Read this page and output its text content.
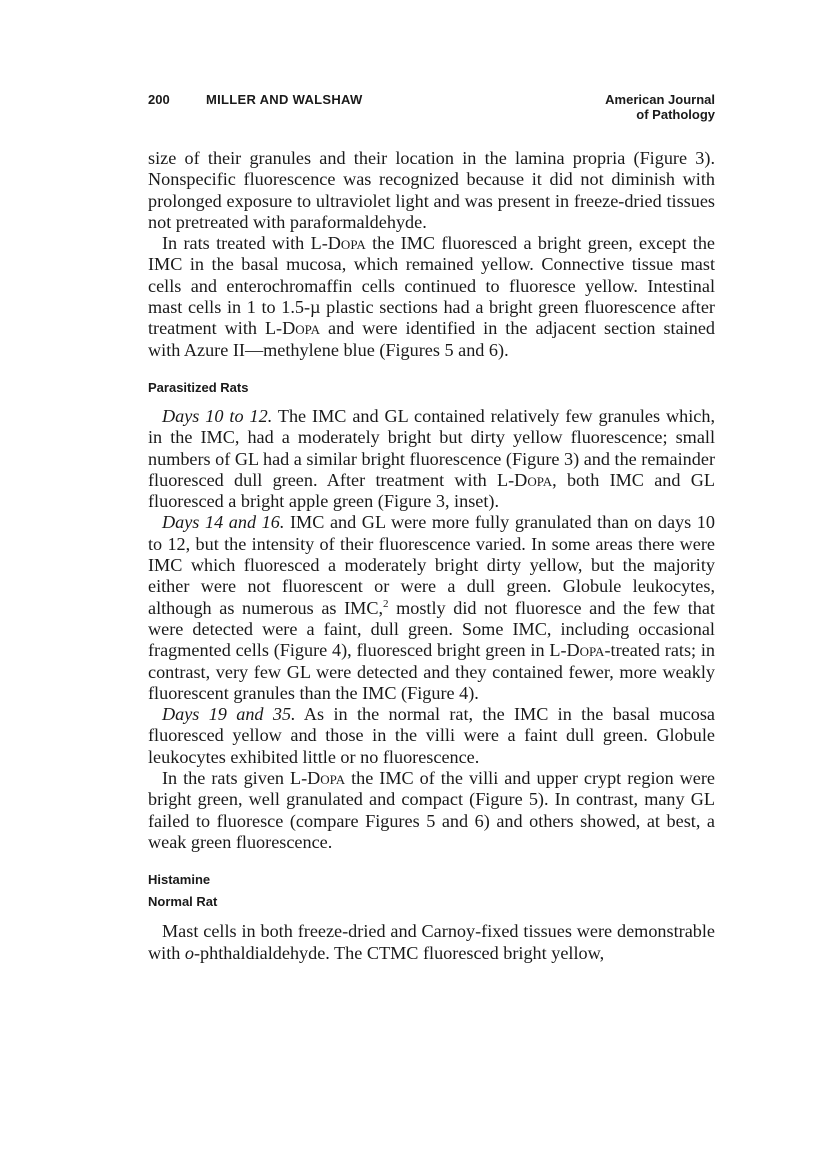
200	MILLER AND WALSHAW	American Journal
of Pathology

size of their granules and their location in the lamina propria (Figure 3). Nonspecific fluorescence was recognized because it did not diminish with prolonged exposure to ultraviolet light and was present in freeze-dried tissues not pretreated with paraformaldehyde.

In rats treated with L-Dopa the IMC fluoresced a bright green, except the IMC in the basal mucosa, which remained yellow. Connective tissue mast cells and enterochromaffin cells continued to fluoresce yellow. Intestinal mast cells in 1 to 1.5-µ plastic sections had a bright green fluorescence after treatment with L-Dopa and were identified in the adjacent section stained with Azure II—methylene blue (Figures 5 and 6).

Parasitized Rats

Days 10 to 12. The IMC and GL contained relatively few granules which, in the IMC, had a moderately bright but dirty yellow fluorescence; small numbers of GL had a similar bright fluorescence (Figure 3) and the remainder fluoresced dull green. After treatment with L-Dopa, both IMC and GL fluoresced a bright apple green (Figure 3, inset).

Days 14 and 16. IMC and GL were more fully granulated than on days 10 to 12, but the intensity of their fluorescence varied. In some areas there were IMC which fluoresced a moderately bright dirty yellow, but the majority either were not fluorescent or were a dull green. Globule leukocytes, although as numerous as IMC,$^2$ mostly did not fluoresce and the few that were detected were a faint, dull green. Some IMC, including occasional fragmented cells (Figure 4), fluoresced bright green in L-Dopa-treated rats; in contrast, very few GL were detected and they contained fewer, more weakly fluorescent granules than the IMC (Figure 4).

Days 19 and 35. As in the normal rat, the IMC in the basal mucosa fluoresced yellow and those in the villi were a faint dull green. Globule leukocytes exhibited little or no fluorescence.

In the rats given L-Dopa the IMC of the villi and upper crypt region were bright green, well granulated and compact (Figure 5). In contrast, many GL failed to fluoresce (compare Figures 5 and 6) and others showed, at best, a weak green fluorescence.

Histamine
Normal Rat

Mast cells in both freeze-dried and Carnoy-fixed tissues were demonstrable with o-phthaldialdehyde. The CTMC fluoresced bright yellow,
